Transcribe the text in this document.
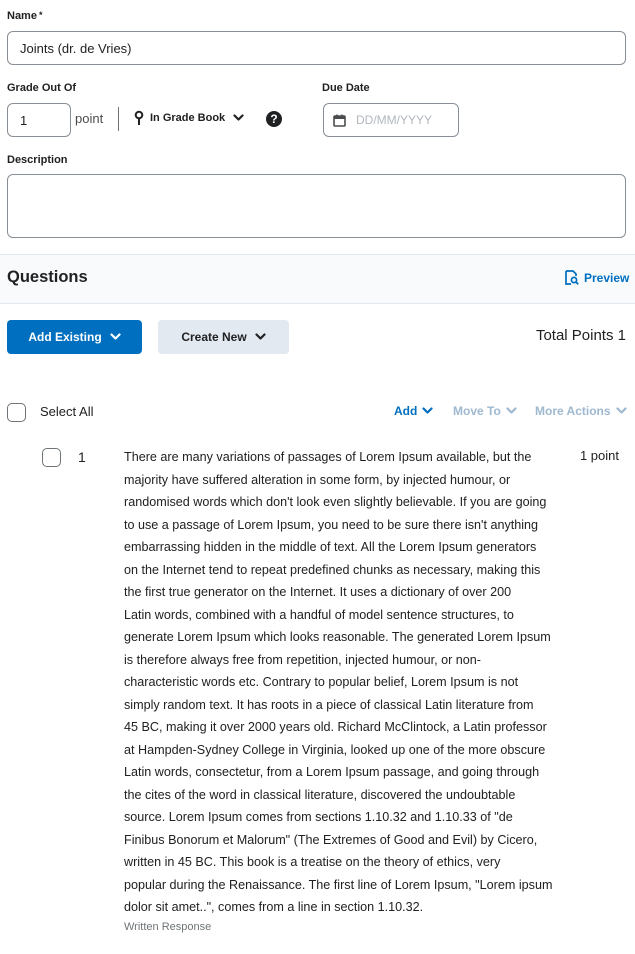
Name *
Joints (dr. de Vries)
Grade Out Of
1	point	In Grade Book	?
Due Date
DD/MM/YYYY
Description
Questions	Preview
Add Existing	Create New	Total Points 1
Select All	Add	Move To	More Actions
1	1 point

There are many variations of passages of Lorem Ipsum available, but the

majority have suffered alteration in some form, by injected humour, or

randomised words which don't look even slightly believable. If you are going

to use a passage of Lorem Ipsum, you need to be sure there isn't anything

embarrassing hidden in the middle of text. All the Lorem Ipsum generators

on the Internet tend to repeat predefined chunks as necessary, making this

the first true generator on the Internet. It uses a dictionary of over 200

Latin words, combined with a handful of model sentence structures, to

generate Lorem Ipsum which looks reasonable. The generated Lorem Ipsum

is therefore always free from repetition, injected humour, or non-

characteristic words etc. Contrary to popular belief, Lorem Ipsum is not

simply random text. It has roots in a piece of classical Latin literature from

45 BC, making it over 2000 years old. Richard McClintock, a Latin professor

at Hampden-Sydney College in Virginia, looked up one of the more obscure

Latin words, consectetur, from a Lorem Ipsum passage, and going through

the cites of the word in classical literature, discovered the undoubtable

source. Lorem Ipsum comes from sections 1.10.32 and 1.10.33 of "de

Finibus Bonorum et Malorum" (The Extremes of Good and Evil) by Cicero,

written in 45 BC. This book is a treatise on the theory of ethics, very

popular during the Renaissance. The first line of Lorem Ipsum, "Lorem ipsum

dolor sit amet..", comes from a line in section 1.10.32.

Written Response
